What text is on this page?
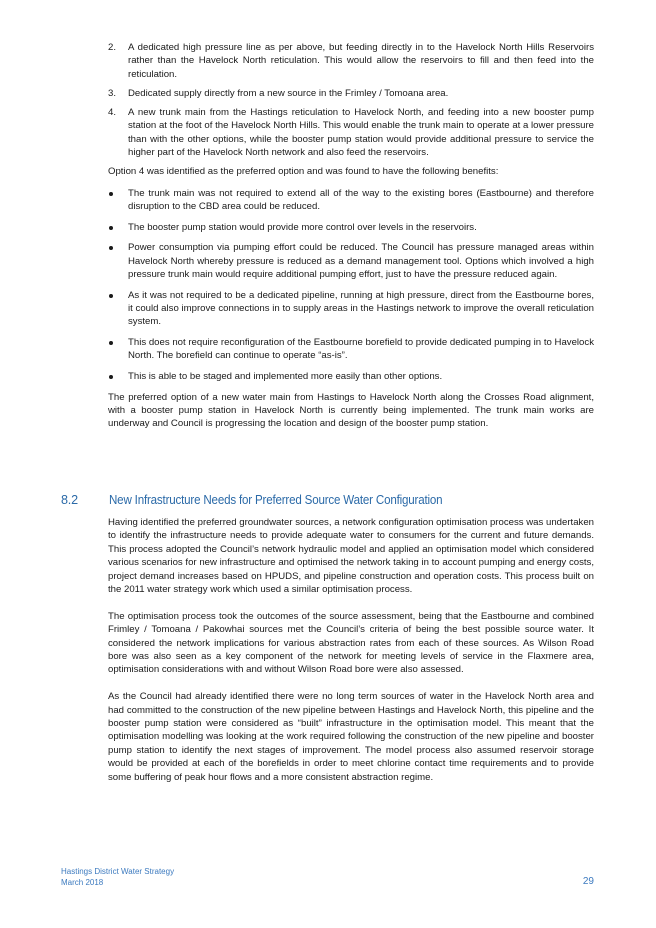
2. A dedicated high pressure line as per above, but feeding directly in to the Havelock North Hills Reservoirs rather than the Havelock North reticulation. This would allow the reservoirs to fill and then feed into the reticulation.
3. Dedicated supply directly from a new source in the Frimley / Tomoana area.
4. A new trunk main from the Hastings reticulation to Havelock North, and feeding into a new booster pump station at the foot of the Havelock North Hills. This would enable the trunk main to operate at a lower pressure than with the other options, while the booster pump station would provide additional pressure to service the higher part of the Havelock North network and also feed the reservoirs.

Option 4 was identified as the preferred option and was found to have the following benefits:

The trunk main was not required to extend all of the way to the existing bores (Eastbourne) and therefore disruption to the CBD area could be reduced.
The booster pump station would provide more control over levels in the reservoirs.
Power consumption via pumping effort could be reduced. The Council has pressure managed areas within Havelock North whereby pressure is reduced as a demand management tool. Options which involved a high pressure trunk main would require additional pumping effort, just to have the pressure reduced again.
As it was not required to be a dedicated pipeline, running at high pressure, direct from the Eastbourne bores, it could also improve connections in to supply areas in the Hastings network to improve the overall reticulation system.
This does not require reconfiguration of the Eastbourne borefield to provide dedicated pumping in to Havelock North. The borefield can continue to operate “as-is”.
This is able to be staged and implemented more easily than other options.

The preferred option of a new water main from Hastings to Havelock North along the Crosses Road alignment, with a booster pump station in Havelock North is currently being implemented. The trunk main works are underway and Council is progressing the location and design of the booster pump station.

8.2 New Infrastructure Needs for Preferred Source Water Configuration

Having identified the preferred groundwater sources, a network configuration optimisation process was undertaken to identify the infrastructure needs to provide adequate water to consumers for the current and future demands. This process adopted the Council’s network hydraulic model and applied an optimisation model which considered various scenarios for new infrastructure and optimised the network taking in to account pumping and energy costs, project demand increases based on HPUDS, and pipeline construction and operation costs. This process built on the 2011 water strategy work which used a similar optimisation process.

The optimisation process took the outcomes of the source assessment, being that the Eastbourne and combined Frimley / Tomoana / Pakowhai sources met the Council’s criteria of being the best possible source water. It considered the network implications for various abstraction rates from each of these sources. As Wilson Road bore was also seen as a key component of the network for meeting levels of service in the Flaxmere area, optimisation considerations with and without Wilson Road bore were also assessed.

As the Council had already identified there were no long term sources of water in the Havelock North area and had committed to the construction of the new pipeline between Hastings and Havelock North, this pipeline and the booster pump station were considered as “built” infrastructure in the optimisation model. This meant that the optimisation modelling was looking at the work required following the construction of the new pipeline and booster pump station to identify the next stages of improvement. The model process also assumed reservoir storage would be provided at each of the borefields in order to meet chlorine contact time requirements and to provide some buffering of peak hour flows and a more consistent abstraction regime.

Hastings District Water Strategy
March 2018	29
